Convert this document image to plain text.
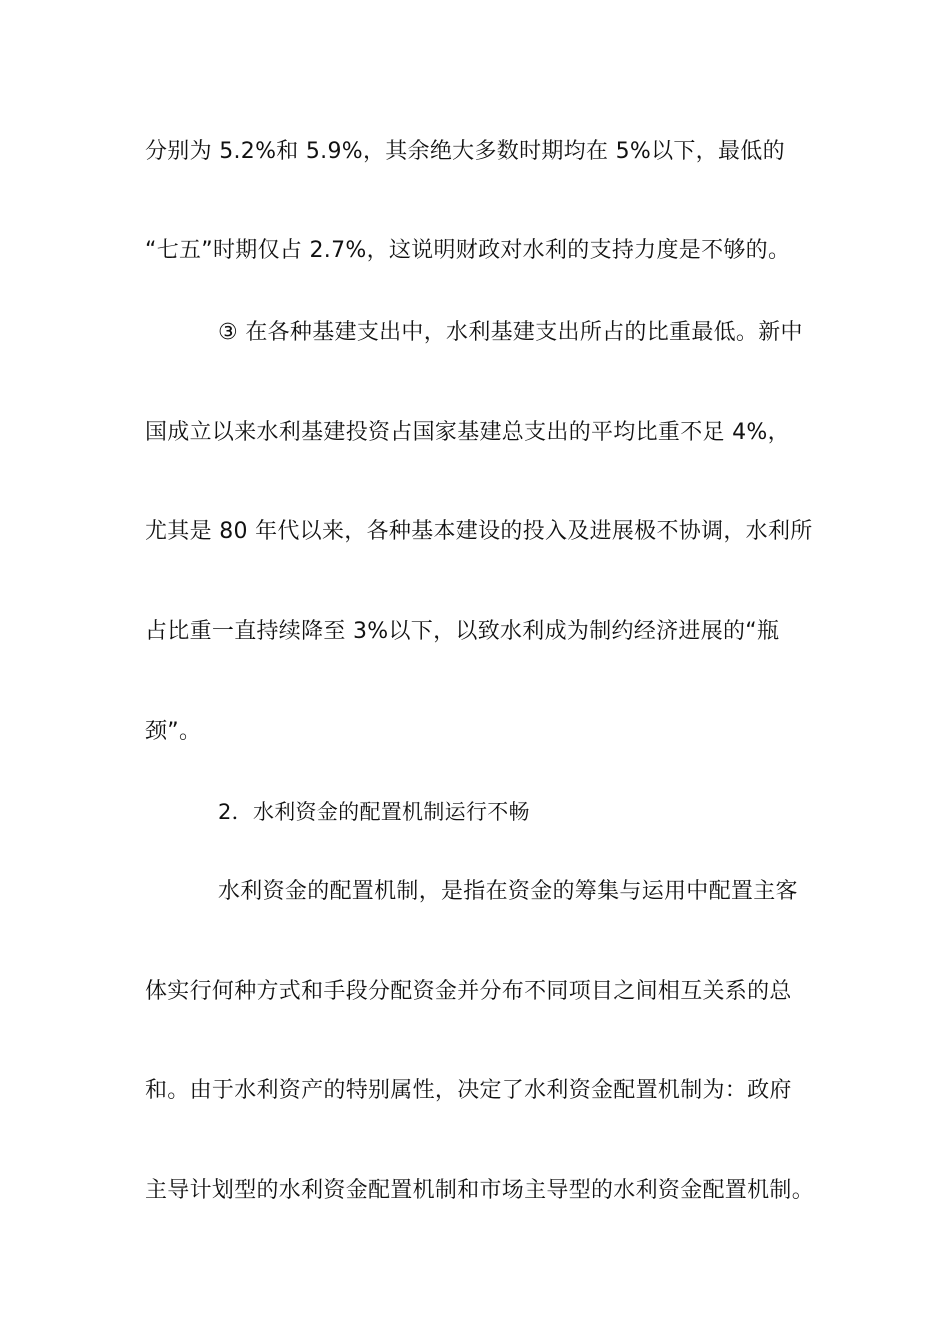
分别为 5.2%和 5.9%，其余绝大多数时期均在 5%以下，最低的
“七五”时期仅占 2.7%，这说明财政对水利的支持力度是不够的。
③ 在各种基建支出中，水利基建支出所占的比重最低。新中
国成立以来水利基建投资占国家基建总支出的平均比重不足 4%，
尤其是 80 年代以来，各种基本建设的投入及进展极不协调，水利所
占比重一直持续降至 3%以下，以致水利成为制约经济进展的“瓶
颈”。
2．水利资金的配置机制运行不畅
水利资金的配置机制，是指在资金的筹集与运用中配置主客
体实行何种方式和手段分配资金并分布不同项目之间相互关系的总
和。由于水利资产的特别属性，决定了水利资金配置机制为：政府
主导计划型的水利资金配置机制和市场主导型的水利资金配置机制。
